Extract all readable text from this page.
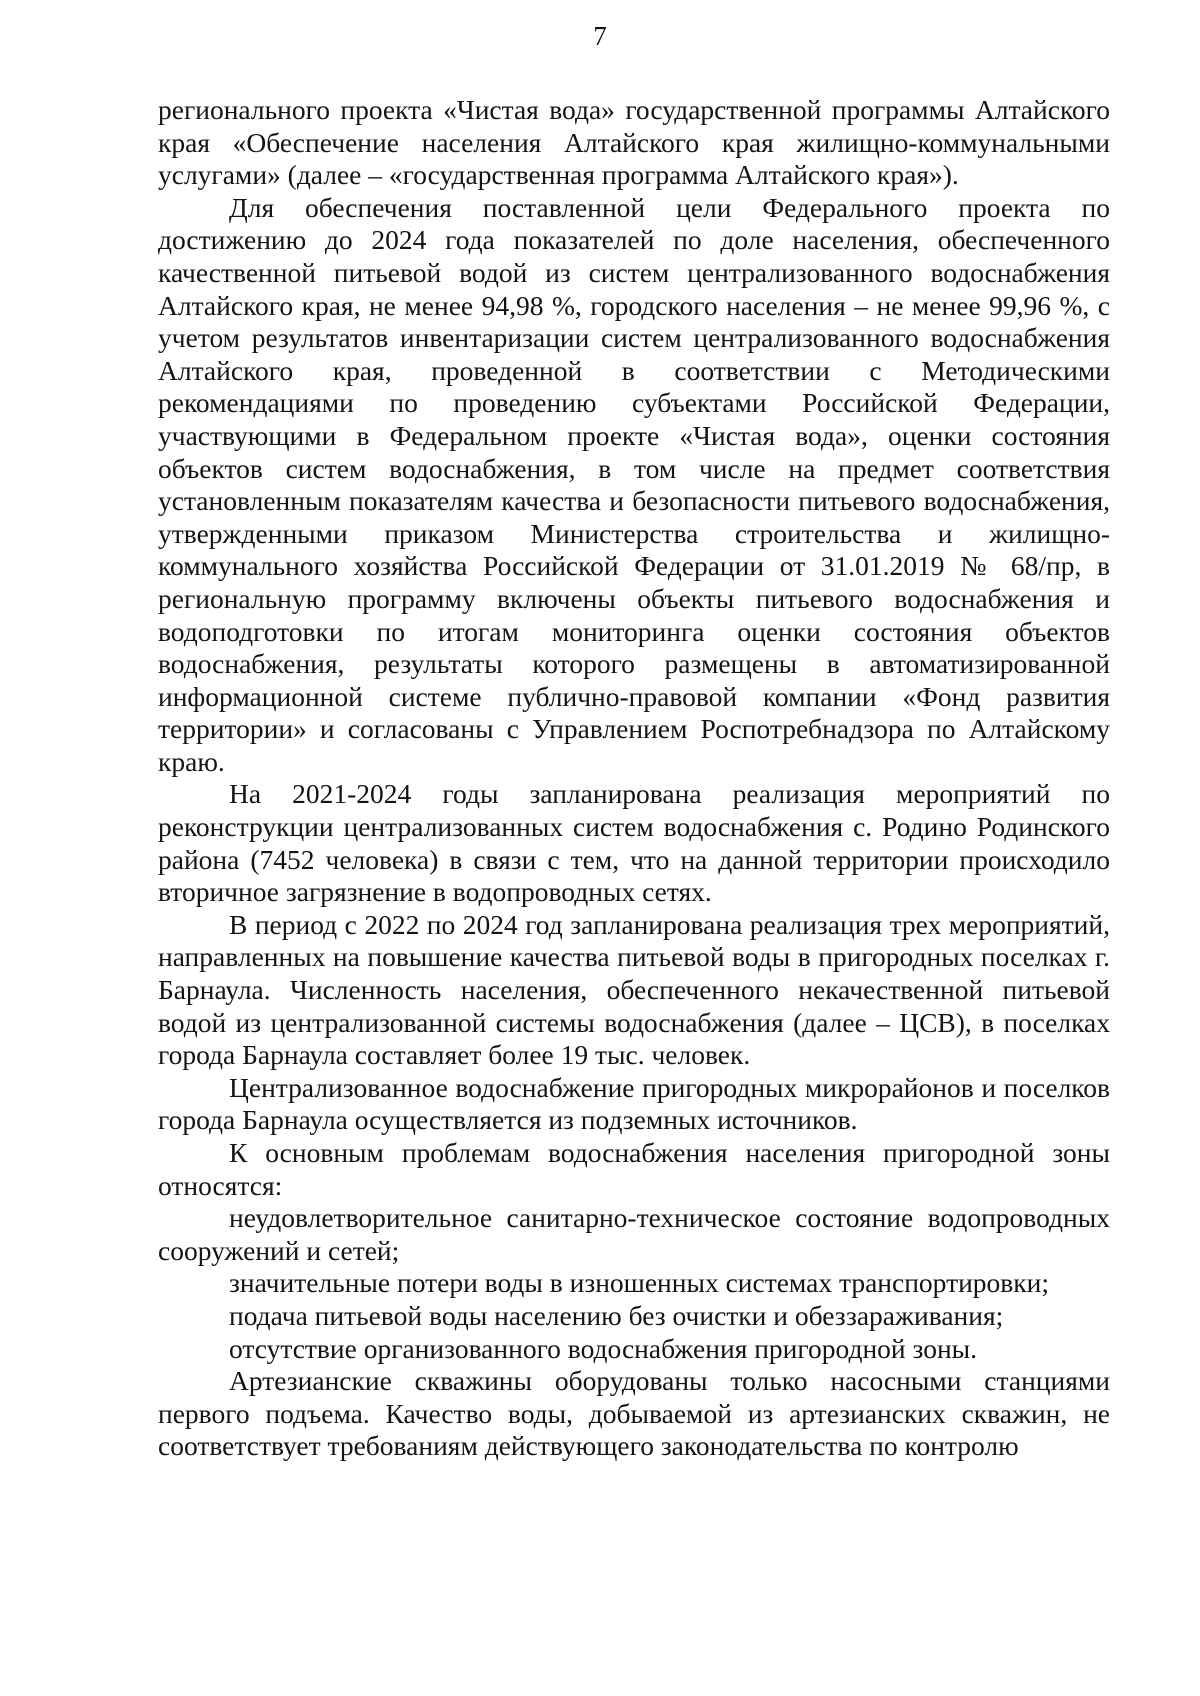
7

регионального проекта «Чистая вода» государственной программы Алтайского края «Обеспечение населения Алтайского края жилищно-коммунальными услугами» (далее – «государственная программа Алтайского края»).

Для обеспечения поставленной цели Федерального проекта по достижению до 2024 года показателей по доле населения, обеспеченного качественной питьевой водой из систем централизованного водоснабжения Алтайского края, не менее 94,98 %, городского населения – не менее 99,96 %, с учетом результатов инвентаризации систем централизованного водоснабжения Алтайского края, проведенной в соответствии с Методическими рекомендациями по проведению субъектами Российской Федерации, участвующими в Федеральном проекте «Чистая вода», оценки состояния объектов систем водоснабжения, в том числе на предмет соответствия установленным показателям качества и безопасности питьевого водоснабжения, утвержденными приказом Министерства строительства и жилищно-коммунального хозяйства Российской Федерации от 31.01.2019 № 68/пр, в региональную программу включены объекты питьевого водоснабжения и водоподготовки по итогам мониторинга оценки состояния объектов водоснабжения, результаты которого размещены в автоматизированной информационной системе публично-правовой компании «Фонд развития территории» и согласованы с Управлением Роспотребнадзора по Алтайскому краю.

На 2021-2024 годы запланирована реализация мероприятий по реконструкции централизованных систем водоснабжения с. Родино Родинского района (7452 человека) в связи с тем, что на данной территории происходило вторичное загрязнение в водопроводных сетях.

В период с 2022 по 2024 год запланирована реализация трех мероприятий, направленных на повышение качества питьевой воды в пригородных поселках г. Барнаула. Численность населения, обеспеченного некачественной питьевой водой из централизованной системы водоснабжения (далее – ЦСВ), в поселках города Барнаула составляет более 19 тыс. человек.

Централизованное водоснабжение пригородных микрорайонов и поселков города Барнаула осуществляется из подземных источников.

К основным проблемам водоснабжения населения пригородной зоны относятся:

неудовлетворительное санитарно-техническое состояние водопроводных сооружений и сетей;

значительные потери воды в изношенных системах транспортировки;

подача питьевой воды населению без очистки и обеззараживания;

отсутствие организованного водоснабжения пригородной зоны.

Артезианские скважины оборудованы только насосными станциями первого подъема. Качество воды, добываемой из артезианских скважин, не соответствует требованиям действующего законодательства по контролю
